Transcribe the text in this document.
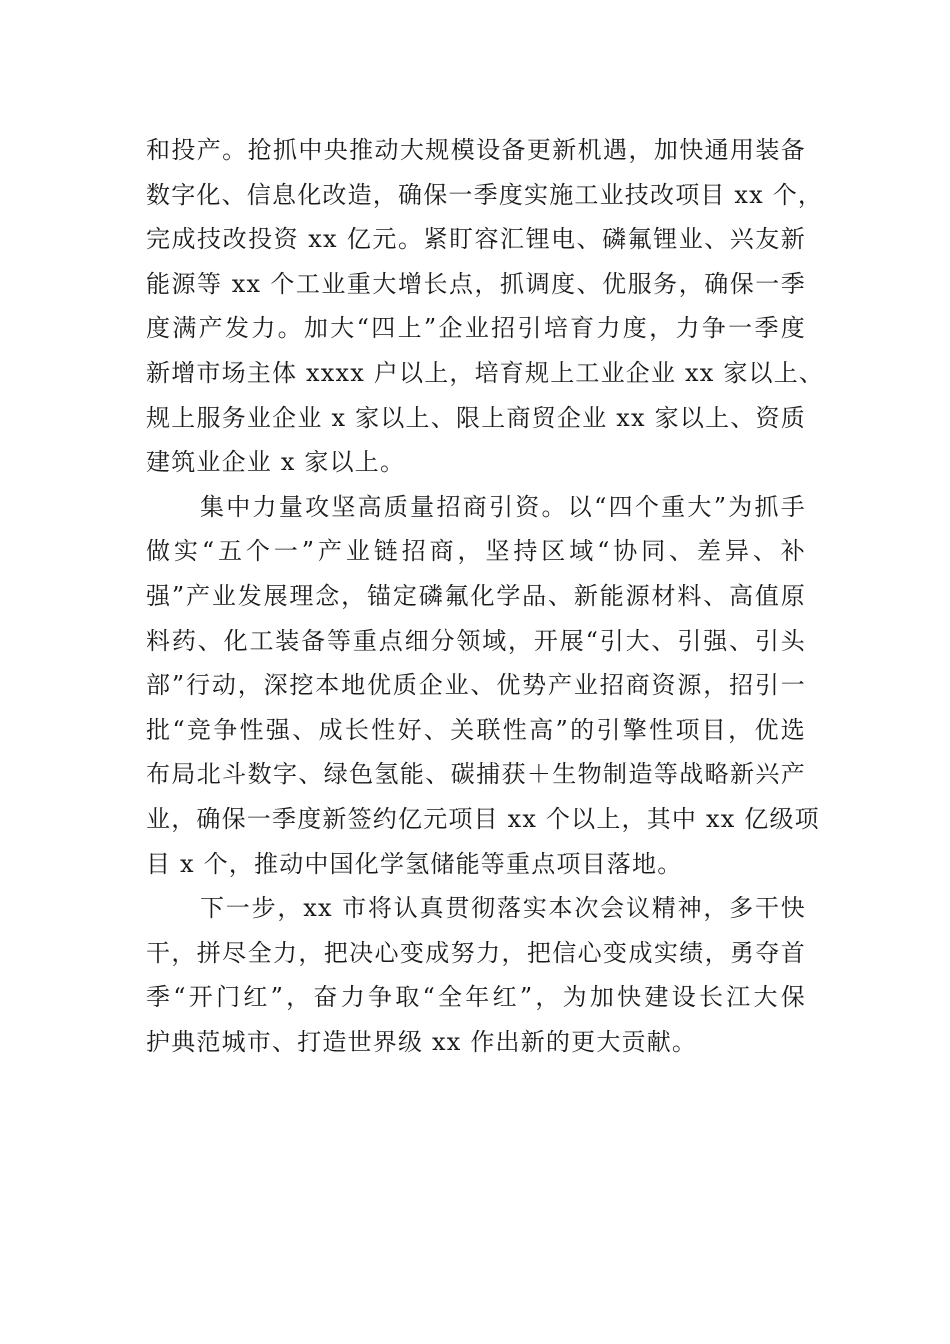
和投产。抢抓中央推动大规模设备更新机遇，加快通用装备
数字化、信息化改造，确保一季度实施工业技改项目 xx 个，
完成技改投资 xx 亿元。紧盯容汇锂电、磷氟锂业、兴友新
能源等 xx 个工业重大增长点，抓调度、优服务，确保一季
度满产发力。加大“四上”企业招引培育力度，力争一季度
新增市场主体 xxxx 户以上，培育规上工业企业 xx 家以上、
规上服务业企业 x 家以上、限上商贸企业 xx 家以上、资质
建筑业企业 x 家以上。

集中力量攻坚高质量招商引资。以“四个重大”为抓手
做实“五个一”产业链招商，坚持区域“协同、差异、补
强”产业发展理念，锚定磷氟化学品、新能源材料、高值原
料药、化工装备等重点细分领域，开展“引大、引强、引头
部”行动，深挖本地优质企业、优势产业招商资源，招引一
批“竞争性强、成长性好、关联性高”的引擎性项目，优选
布局北斗数字、绿色氢能、碳捕获＋生物制造等战略新兴产
业，确保一季度新签约亿元项目 xx 个以上，其中 xx 亿级项
目 x 个，推动中国化学氢储能等重点项目落地。

下一步，xx 市将认真贯彻落实本次会议精神，多干快
干，拼尽全力，把决心变成努力，把信心变成实绩，勇夺首
季“开门红”，奋力争取“全年红”，为加快建设长江大保
护典范城市、打造世界级 xx 作出新的更大贡献。
